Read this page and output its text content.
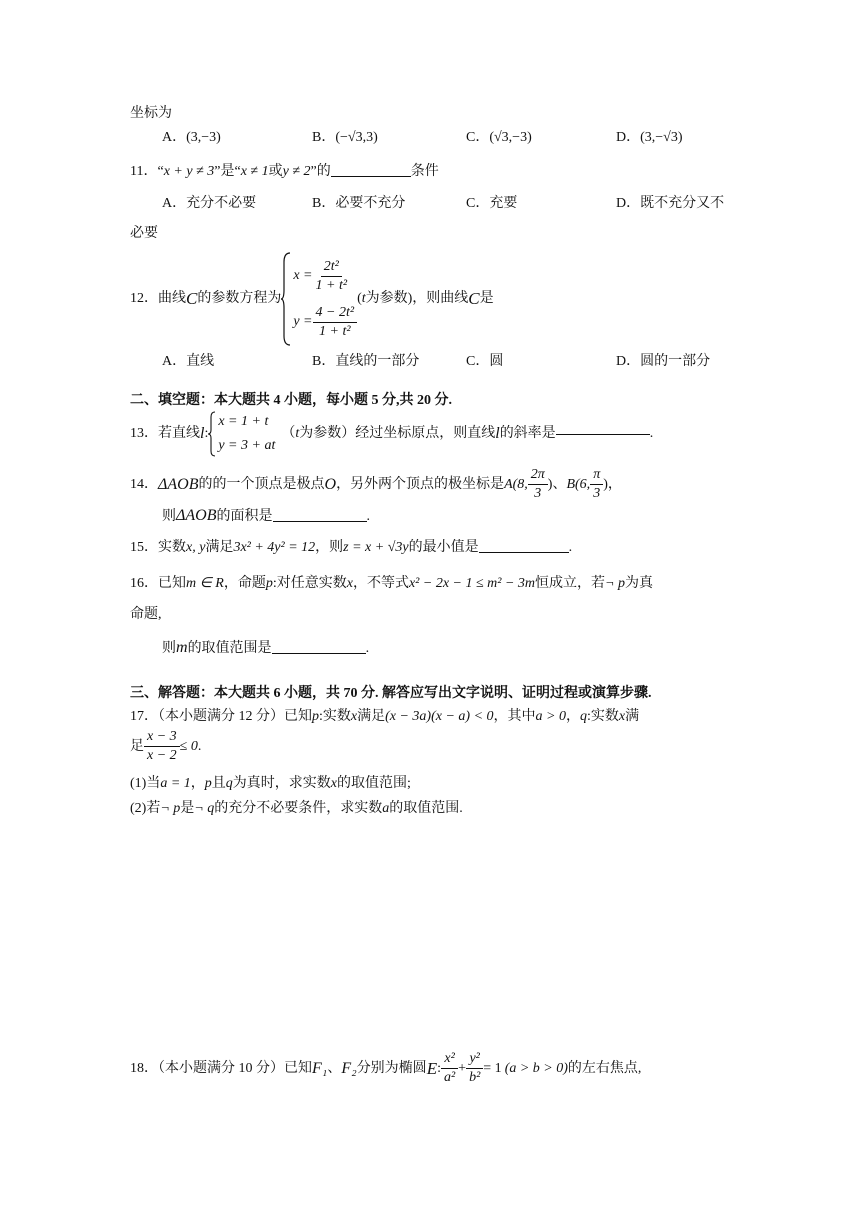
坐标为
A．(3,−3)	B．(−√3,3)	C．(√3,−3)	D．(3,−√3)
11．“x + y ≠ 3”是“x ≠ 1或y ≠ 2”的	条件
A．充分不必要	B．必要不充分	C．充要	D．既不充分又不
必要
12．曲线 C 的参数方程为
$x = \frac{\text{2t²}}{\text{1 + t²}}$
$y = \frac{\text{4 − 2t²}}{\text{1 + t²}}$
( t 为参数)，则曲线 C 是
A．直线	B．直线的一部分	C．圆	D．圆的一部分
二、填空题：本大题共 4 小题，每小题 5 分,共 20 分.
13．若直线 l :
x = 1 + t
y = 3 + at
（ t 为参数）经过坐标原点，则直线 l 的斜率是	.
14． ΔAOB 的的一个顶点是极点 O ，另外两个顶点的极坐标是 A(8, $\frac{2\pi}{3}$ ) 、 B(6, $\frac{\pi}{3}$ )，
则ΔAOB的面积是	.
15．实数x, y满足3x² + 4y² = 12，则z = x + √3y的最小值是	.
16．已知m ∈ R，命题p:对任意实数x，不等式x² − 2x − 1 ≤ m² − 3m恒成立，若¬ p为真
命题,
则m的取值范围是	.
三、解答题：本大题共 6 小题，共 70 分. 解答应写出文字说明、证明过程或演算步骤.
17．（本小题满分 12 分）已知p:实数x满足(x − 3a)(x − a) < 0，其中a > 0，q:实数x满
足 $\frac{x - 3}{x - 2} \le 0$ .
(1)当a = 1，p且q为真时，求实数x的取值范围;
(2)若¬ p是¬ q的充分不必要条件，求实数a的取值范围.
18．（本小题满分 10 分）已知 F₁ 、 F₂ 分别为椭圆 E : $\frac{\text{x²}}{\text{a²}} + \frac{\text{y²}}{\text{b²}} = 1$ (a > b > 0) 的左右焦点,
